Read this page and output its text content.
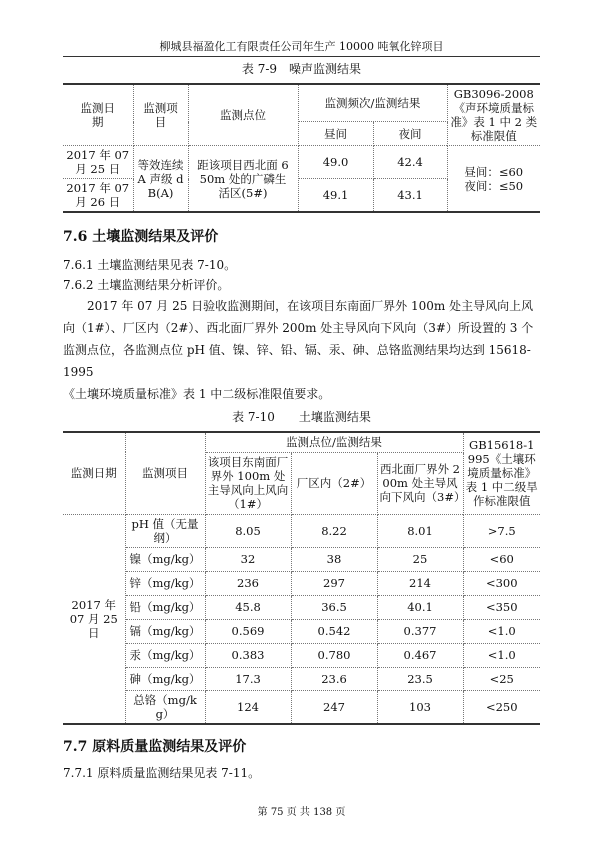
柳城县福盈化工有限责任公司年生产 10000 吨氧化锌项目
表 7-9　噪声监测结果
监测日期	监测项目	监测点位	监测频次/监测结果		GB3096-2008《声环境质量标准》表 1 中 2 类标准限值
			昼间	夜间	
2017 年 07 月 25 日	等效连续 A 声级 dB(A)	距该项目西北面 650m 处的广磷生活区(5#)	49.0	42.4	昼间：≤60
夜间：≤50

2017 年 07 月 26 日			49.1	43.1	
7.6 土壤监测结果及评价
7.6.1 土壤监测结果见表 7-10。
7.6.2 土壤监测结果分析评价。
　　2017 年 07 月 25 日验收监测期间，在该项目东南面厂界外 100m 处主导风向上风
向（1#）、厂区内（2#）、西北面厂界外 200m 处主导风向下风向（3#）所设置的 3 个
监测点位，各监测点位 pH 值、镍、锌、铅、镉、汞、砷、总铬监测结果均达到 15618-1995
《土壤环境质量标准》表 1 中二级标准限值要求。
表 7-10　　土壤监测结果
监测日期	监测项目	监测点位/监测结果			GB15618-1995《土壤环境质量标准》表 1 中二级旱作标准限值
		该项目东南面厂界外 100m 处主导风向上风向（1#）	厂区内（2#）	西北面厂界外 200m 处主导风向下风向（3#）	
2017 年 07 月 25 日	pH 值（无量纲）	8.05	8.22	8.01	>7.5
	镍（mg/kg）	32	38	25	<60
	锌（mg/kg）	236	297	214	<300
	铅（mg/kg）	45.8	36.5	40.1	<350
	镉（mg/kg）	0.569	0.542	0.377	<1.0
	汞（mg/kg）	0.383	0.780	0.467	<1.0
	砷（mg/kg）	17.3	23.6	23.5	<25
	总铬（mg/kg）	124	247	103	<250
7.7 原料质量监测结果及评价
7.7.1 原料质量监测结果见表 7-11。
第 75 页 共 138 页
